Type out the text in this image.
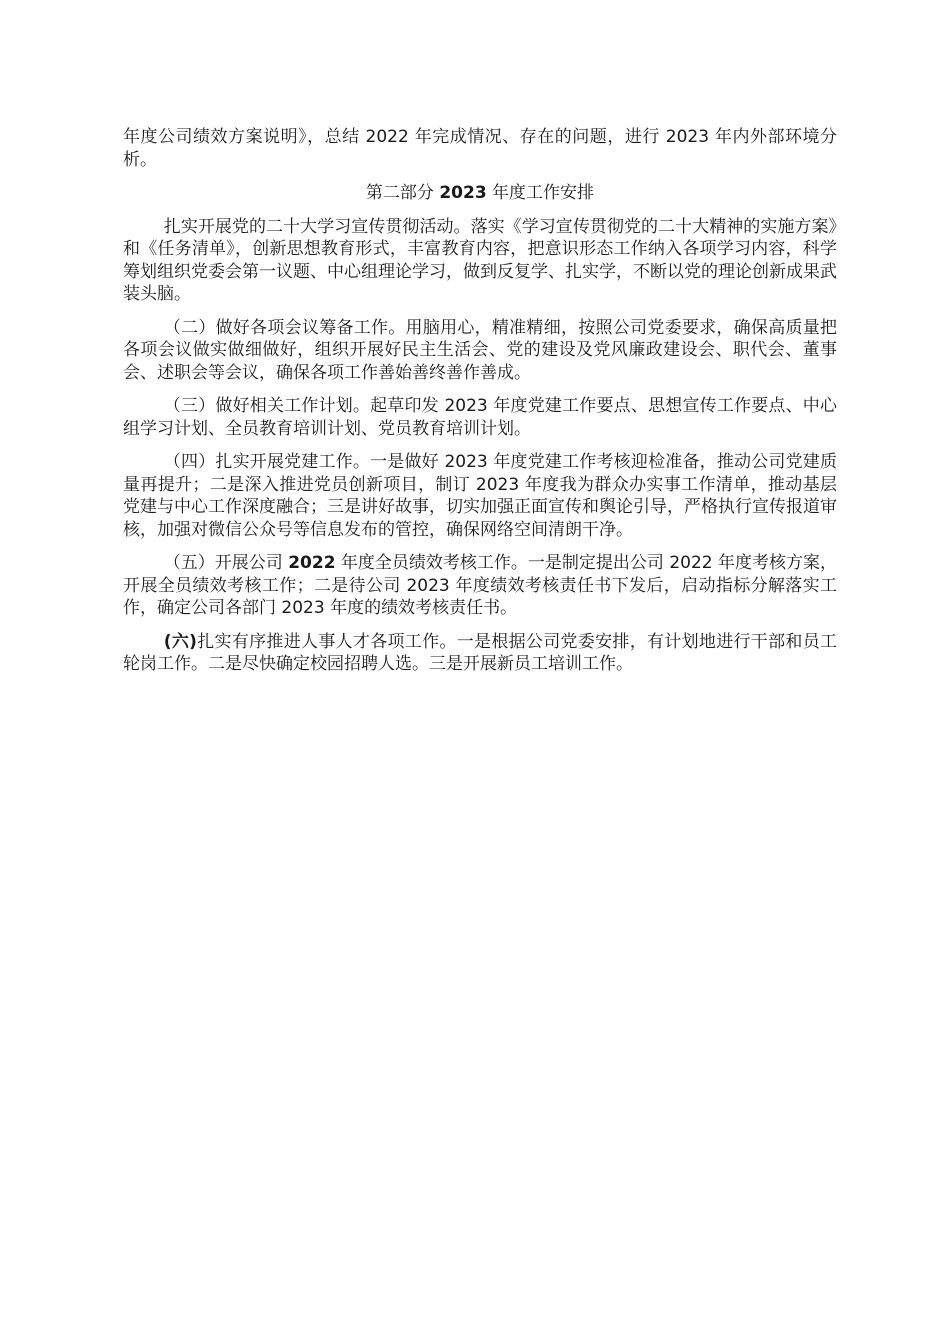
年度公司绩效方案说明》，总结 2022 年完成情况、存在的问题，进行 2023 年内外部环境分析。

第二部分 2023 年度工作安排

扎实开展党的二十大学习宣传贯彻活动。落实《学习宣传贯彻党的二十大精神的实施方案》和《任务清单》，创新思想教育形式，丰富教育内容，把意识形态工作纳入各项学习内容，科学筹划组织党委会第一议题、中心组理论学习，做到反复学、扎实学，不断以党的理论创新成果武装头脑。

（二）做好各项会议筹备工作。用脑用心，精准精细，按照公司党委要求，确保高质量把各项会议做实做细做好，组织开展好民主生活会、党的建设及党风廉政建设会、职代会、董事会、述职会等会议，确保各项工作善始善终善作善成。

（三）做好相关工作计划。起草印发 2023 年度党建工作要点、思想宣传工作要点、中心组学习计划、全员教育培训计划、党员教育培训计划。

（四）扎实开展党建工作。一是做好 2023 年度党建工作考核迎检准备，推动公司党建质量再提升；二是深入推进党员创新项目，制订 2023 年度我为群众办实事工作清单，推动基层党建与中心工作深度融合；三是讲好故事，切实加强正面宣传和舆论引导，严格执行宣传报道审核，加强对微信公众号等信息发布的管控，确保网络空间清朗干净。

（五）开展公司 2022 年度全员绩效考核工作。一是制定提出公司 2022 年度考核方案，开展全员绩效考核工作；二是待公司 2023 年度绩效考核责任书下发后，启动指标分解落实工作，确定公司各部门 2023 年度的绩效考核责任书。

(六)扎实有序推进人事人才各项工作。一是根据公司党委安排，有计划地进行干部和员工轮岗工作。二是尽快确定校园招聘人选。三是开展新员工培训工作。
